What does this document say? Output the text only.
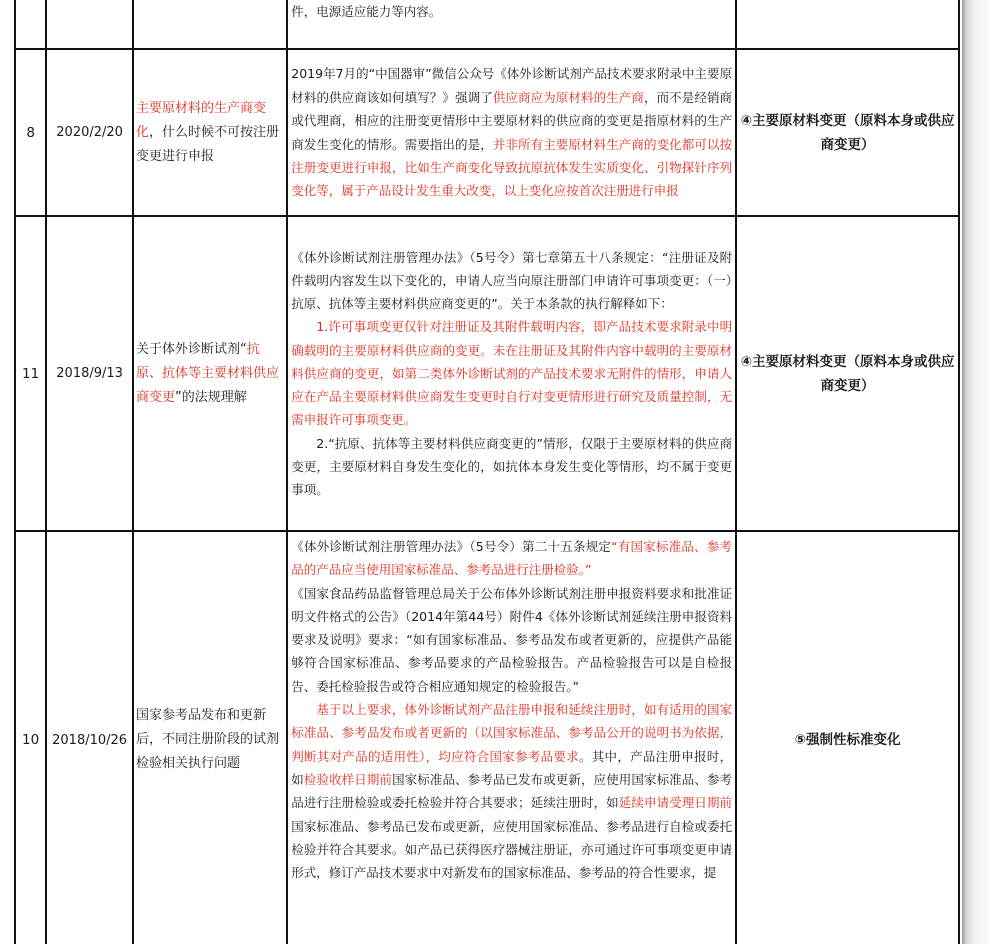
			件，电源适应能力等内容。	

8	2020/2/20	主要原材料的生产商变化，什么时候不可按注册变更进行申报	2019年7月的“中国器审”微信公众号《体外诊断试剂产品技术要求附录中主要原材料的供应商该如何填写？》强调了供应商应为原材料的生产商，而不是经销商或代理商，相应的注册变更情形中主要原材料的供应商的变更是指原材料的生产商发生变化的情形。需要指出的是，并非所有主要原材料生产商的变化都可以按注册变更进行申报，比如生产商变化导致抗原抗体发生实质变化、引物探针序列变化等，属于产品设计发生重大改变，以上变化应按首次注册进行申报	④主要原材料变更（原料本身或供应商变更）

11	2018/9/13	关于体外诊断试剂“抗原、抗体等主要材料供应商变更”的法规理解	《体外诊断试剂注册管理办法》（5号令）第七章第五十八条规定：“注册证及附件载明内容发生以下变化的，申请人应当向原注册部门申请许可事项变更：（一）抗原、抗体等主要材料供应商变更的”。关于本条款的执行解释如下：

1.许可事项变更仅针对注册证及其附件载明内容，即产品技术要求附录中明确载明的主要原材料供应商的变更。未在注册证及其附件内容中载明的主要原材料供应商的变更，如第二类体外诊断试剂的产品技术要求无附件的情形，申请人应在产品主要原材料供应商发生变更时自行对变更情形进行研究及质量控制，无需申报许可事项变更。

2.“抗原、抗体等主要材料供应商变更的”情形，仅限于主要原材料的供应商变更，主要原材料自身发生变化的，如抗体本身发生变化等情形，均不属于变更事项。	④主要原材料变更（原料本身或供应商变更）

10	2018/10/26	国家参考品发布和更新后，不同注册阶段的试剂检验相关执行问题	《体外诊断试剂注册管理办法》（5号令）第二十五条规定“有国家标准品、参考品的产品应当使用国家标准品、参考品进行注册检验。”

《国家食品药品监督管理总局关于公布体外诊断试剂注册申报资料要求和批准证明文件格式的公告》（2014年第44号）附件4《体外诊断试剂延续注册申报资料要求及说明》要求：“如有国家标准品、参考品发布或者更新的，应提供产品能够符合国家标准品、参考品要求的产品检验报告。产品检验报告可以是自检报告、委托检验报告或符合相应通知规定的检验报告。”

基于以上要求，体外诊断试剂产品注册申报和延续注册时，如有适用的国家标准品、参考品发布或者更新的（以国家标准品、参考品公开的说明书为依据，判断其对产品的适用性），均应符合国家参考品要求。其中，产品注册申报时，如检验收样日期前国家标准品、参考品已发布或更新，应使用国家标准品、参考品进行注册检验或委托检验并符合其要求；延续注册时，如延续申请受理日期前国家标准品、参考品已发布或更新，应使用国家标准品、参考品进行自检或委托检验并符合其要求。如产品已获得医疗器械注册证，亦可通过许可事项变更申请形式，修订产品技术要求中对新发布的国家标准品、参考品的符合性要求，提	⑤强制性标准变化
